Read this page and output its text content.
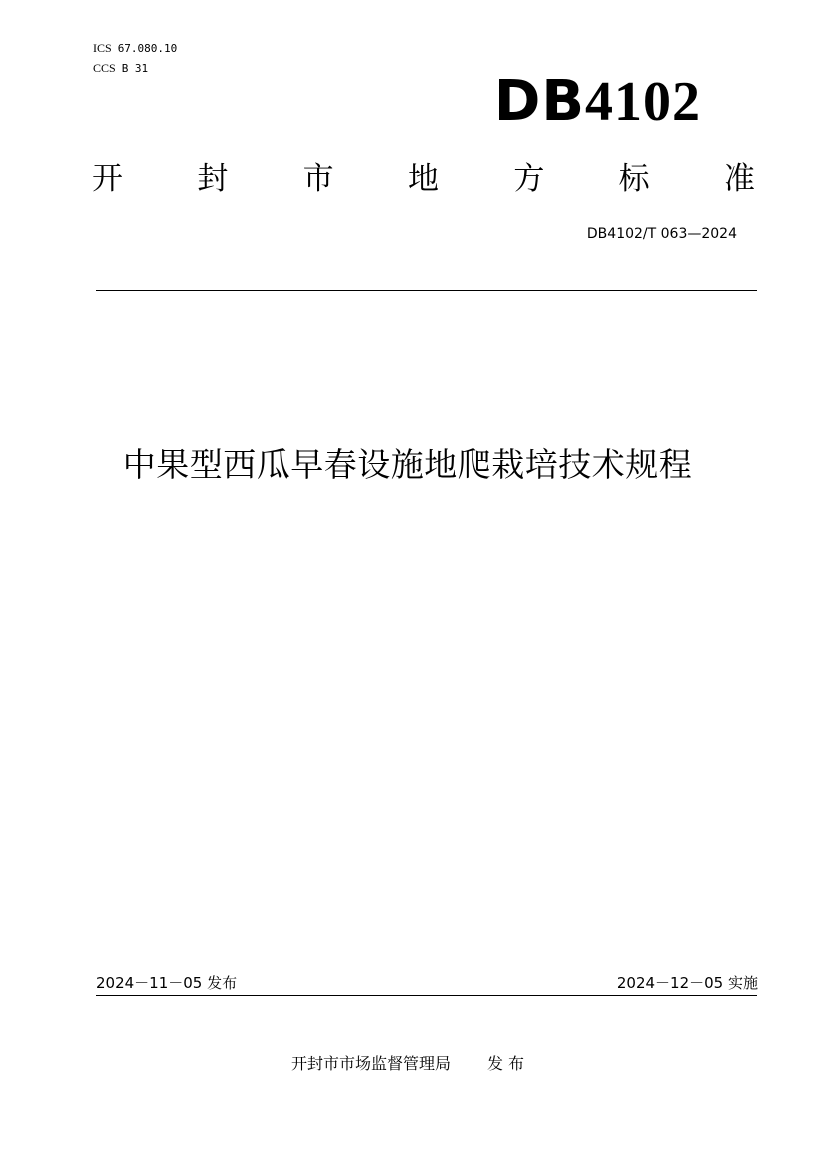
ICS 67.080.10
CCS B 31
DB4102
开 封 市 地 方 标 准
DB4102/T 063—2024
中果型西瓜早春设施地爬栽培技术规程
2024－11－05 发布	2024－12－05 实施
开封市市场监督管理局 发 布
